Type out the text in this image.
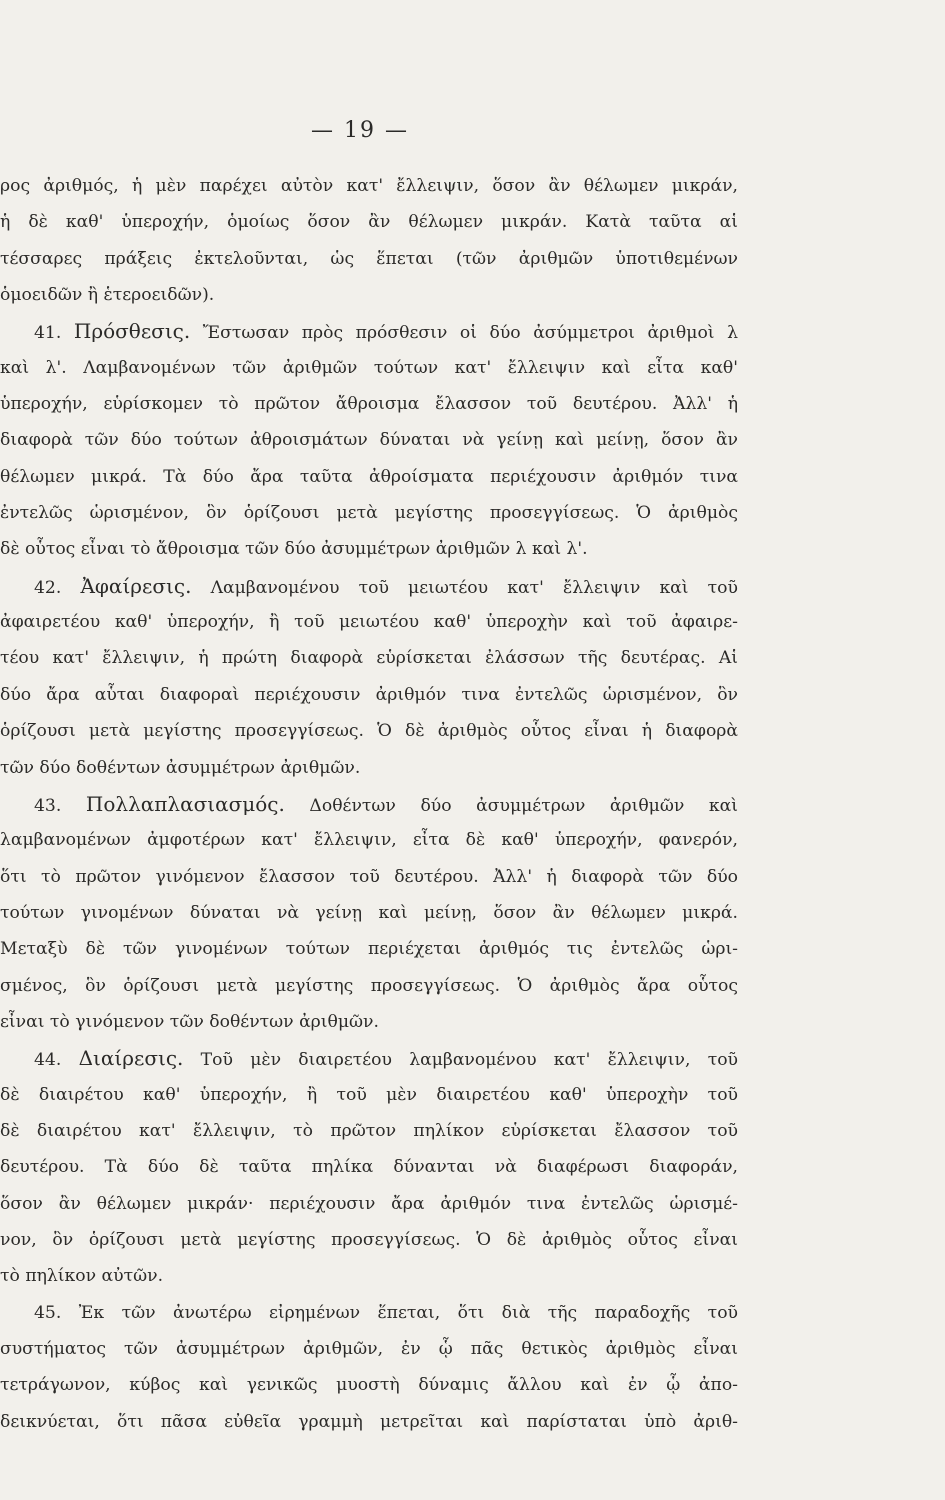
— 19 —
ρος ἀριθμός, ἡ μὲν παρέχει αὐτὸν κατ' ἔλλειψιν, ὅσον ἂν θέλωμεν μικράν,
ἡ δὲ καθ' ὑπεροχήν, ὁμοίως ὅσον ἂν θέλωμεν μικράν. Κατὰ ταῦτα αἱ
τέσσαρες πράξεις ἐκτελοῦνται, ὡς ἕπεται (τῶν ἀριθμῶν ὑποτιθεμένων
ὁμοειδῶν ἢ ἑτεροειδῶν).
41. Πρόσθεσις. Ἔστωσαν πρὸς πρόσθεσιν οἱ δύο ἀσύμμετροι ἀριθμοὶ λ
καὶ λ'. Λαμβανομένων τῶν ἀριθμῶν τούτων κατ' ἔλλειψιν καὶ εἶτα καθ'
ὑπεροχήν, εὑρίσκομεν τὸ πρῶτον ἄθροισμα ἔλασσον τοῦ δευτέρου. Ἀλλ' ἡ
διαφορὰ τῶν δύο τούτων ἀθροισμάτων δύναται νὰ γείνῃ καὶ μείνῃ, ὅσον ἂν
θέλωμεν μικρά. Τὰ δύο ἄρα ταῦτα ἀθροίσματα περιέχουσιν ἀριθμόν τινα
ἐντελῶς ὡρισμένον, ὃν ὁρίζουσι μετὰ μεγίστης προσεγγίσεως. Ὁ ἀριθμὸς
δὲ οὗτος εἶναι τὸ ἄθροισμα τῶν δύο ἀσυμμέτρων ἀριθμῶν λ καὶ λ'.
42. Ἀφαίρεσις. Λαμβανομένου τοῦ μειωτέου κατ' ἔλλειψιν καὶ τοῦ
ἀφαιρετέου καθ' ὑπεροχήν, ἢ τοῦ μειωτέου καθ' ὑπεροχὴν καὶ τοῦ ἀφαιρε-
τέου κατ' ἔλλειψιν, ἡ πρώτη διαφορὰ εὑρίσκεται ἐλάσσων τῆς δευτέρας. Αἱ
δύο ἄρα αὗται διαφοραὶ περιέχουσιν ἀριθμόν τινα ἐντελῶς ὡρισμένον, ὃν
ὁρίζουσι μετὰ μεγίστης προσεγγίσεως. Ὁ δὲ ἀριθμὸς οὗτος εἶναι ἡ διαφορὰ
τῶν δύο δοθέντων ἀσυμμέτρων ἀριθμῶν.
43. Πολλαπλασιασμός. Δοθέντων δύο ἀσυμμέτρων ἀριθμῶν καὶ
λαμβανομένων ἀμφοτέρων κατ' ἔλλειψιν, εἶτα δὲ καθ' ὑπεροχήν, φανερόν,
ὅτι τὸ πρῶτον γινόμενον ἔλασσον τοῦ δευτέρου. Ἀλλ' ἡ διαφορὰ τῶν δύο
τούτων γινομένων δύναται νὰ γείνῃ καὶ μείνῃ, ὅσον ἂν θέλωμεν μικρά.
Μεταξὺ δὲ τῶν γινομένων τούτων περιέχεται ἀριθμός τις ἐντελῶς ὡρι-
σμένος, ὃν ὁρίζουσι μετὰ μεγίστης προσεγγίσεως. Ὁ ἀριθμὸς ἄρα οὗτος
εἶναι τὸ γινόμενον τῶν δοθέντων ἀριθμῶν.
44. Διαίρεσις. Τοῦ μὲν διαιρετέου λαμβανομένου κατ' ἔλλειψιν, τοῦ
δὲ διαιρέτου καθ' ὑπεροχήν, ἢ τοῦ μὲν διαιρετέου καθ' ὑπεροχὴν τοῦ
δὲ διαιρέτου κατ' ἔλλειψιν, τὸ πρῶτον πηλίκον εὑρίσκεται ἔλασσον τοῦ
δευτέρου. Τὰ δύο δὲ ταῦτα πηλίκα δύνανται νὰ διαφέρωσι διαφοράν,
ὅσον ἂν θέλωμεν μικράν· περιέχουσιν ἄρα ἀριθμόν τινα ἐντελῶς ὡρισμέ-
νον, ὃν ὁρίζουσι μετὰ μεγίστης προσεγγίσεως. Ὁ δὲ ἀριθμὸς οὗτος εἶναι
τὸ πηλίκον αὐτῶν.
45. Ἐκ τῶν ἀνωτέρω εἰρημένων ἕπεται, ὅτι διὰ τῆς παραδοχῆς τοῦ
συστήματος τῶν ἀσυμμέτρων ἀριθμῶν, ἐν ᾧ πᾶς θετικὸς ἀριθμὸς εἶναι
τετράγωνον, κύβος καὶ γενικῶς μυοστὴ δύναμις ἄλλου καὶ ἐν ᾧ ἀπο-
δεικνύεται, ὅτι πᾶσα εὐθεῖα γραμμὴ μετρεῖται καὶ παρίσταται ὑπὸ ἀριθ-
